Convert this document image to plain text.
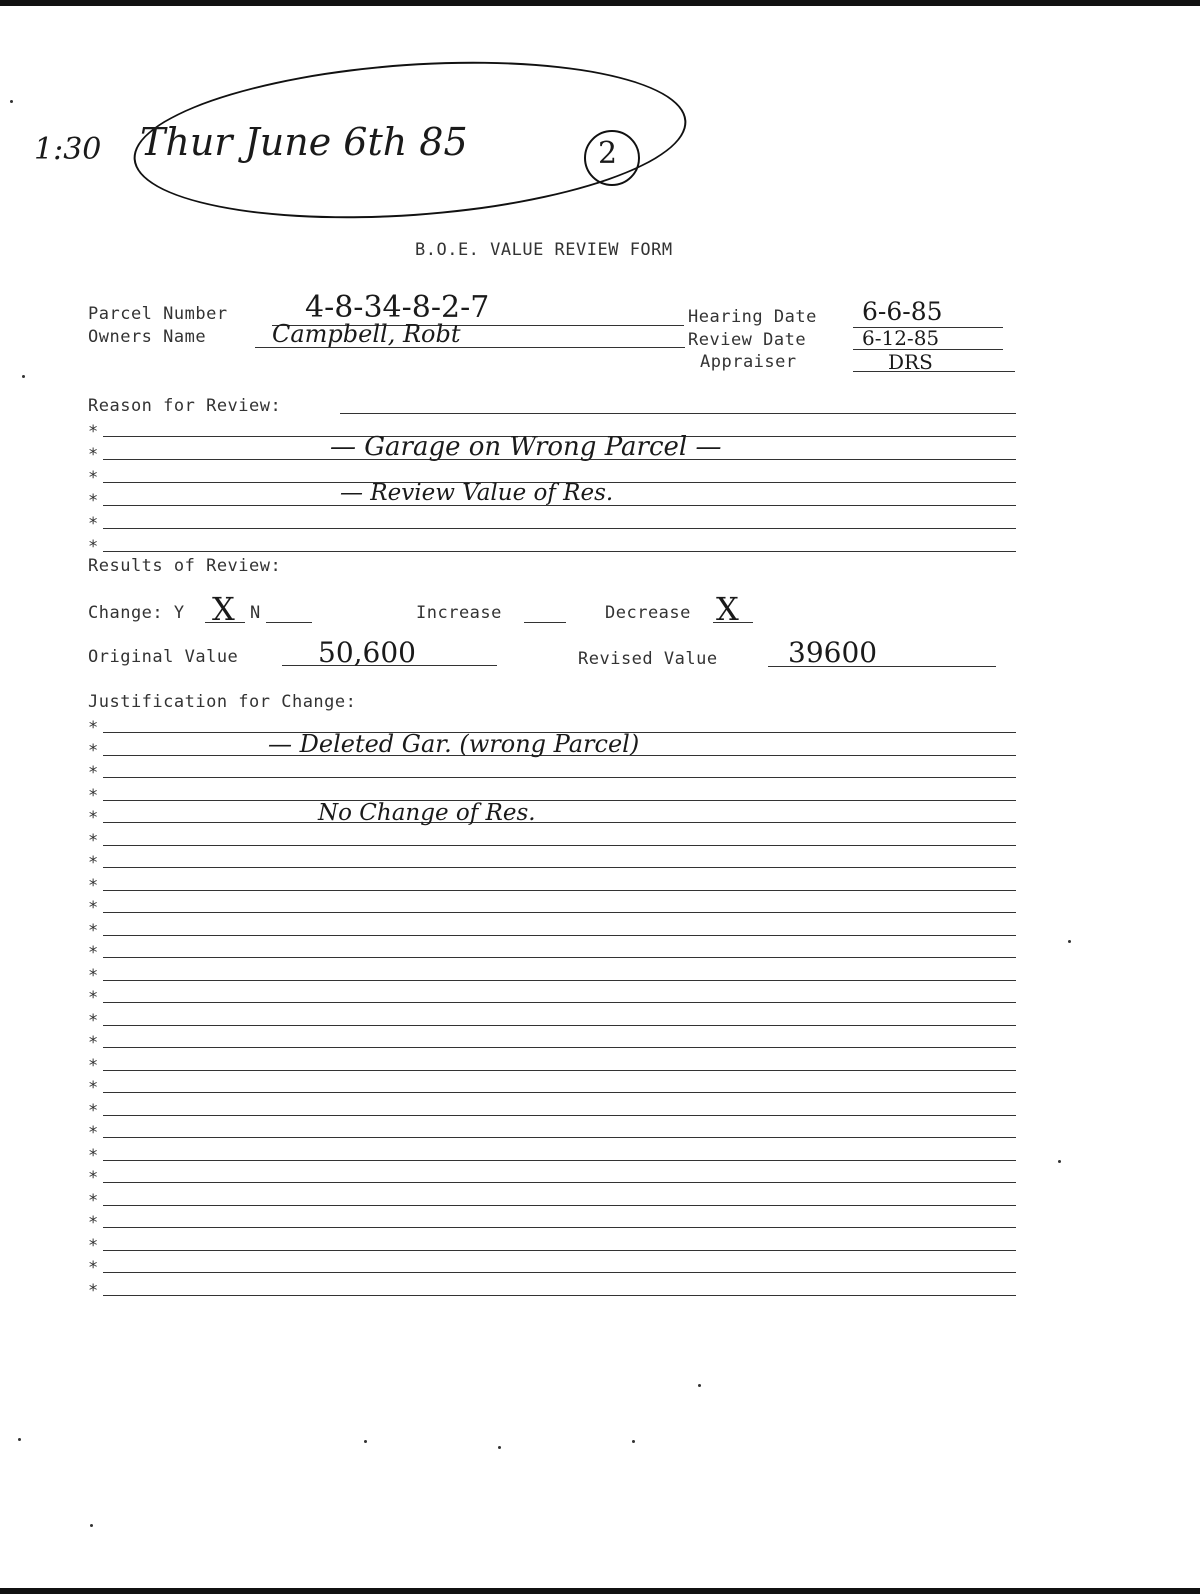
1:30 Thur June 6th 85	2
B.O.E. VALUE REVIEW FORM
Parcel Number	4-8-34-8-2-7	Hearing Date 6-6-85
Owners Name	Campbell, Robt	Review Date	6-12-85
Appraiser	DRS
Reason for Review:
*
*
*
*
*
*
— Garage on Wrong Parcel —
— Review Value of Res.
Results of Review:
Change: Y X N	Increase	Decrease X
Original Value	50,600	Revised Value	39600
Justification for Change:
*
*
*
*
*
*
*
*
*
*
*
*
*
*
*
*
*
*
*
*
*
*
*
*
*
*
— Deleted Gar. (wrong Parcel)
No Change of Res.
